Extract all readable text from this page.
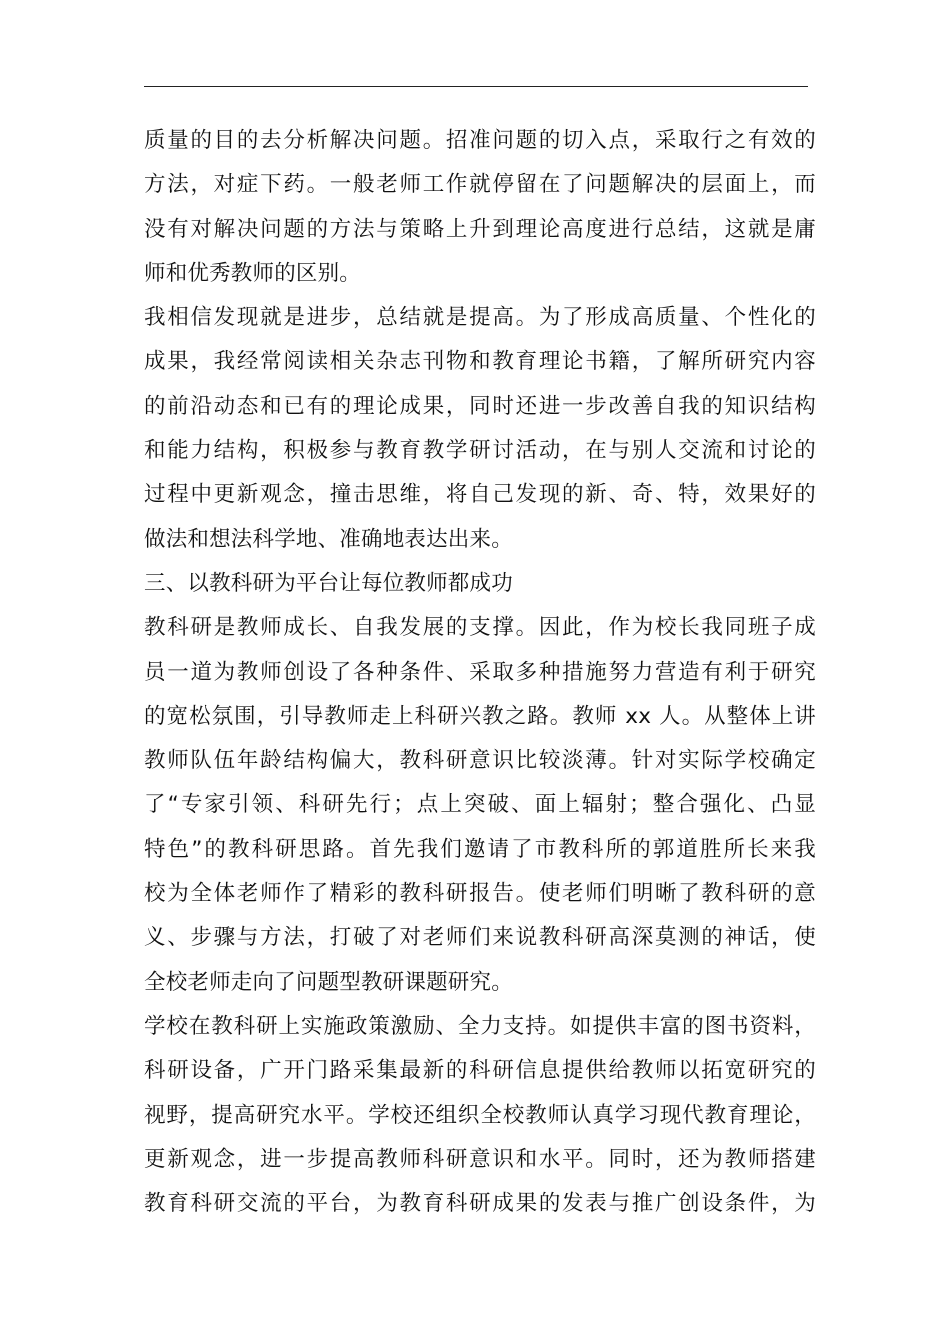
质量的目的去分析解决问题。招准问题的切入点，采取行之有效的
方法，对症下药。一般老师工作就停留在了问题解决的层面上，而
没有对解决问题的方法与策略上升到理论高度进行总结，这就是庸
师和优秀教师的区别。
我相信发现就是进步，总结就是提高。为了形成高质量、个性化的
成果，我经常阅读相关杂志刊物和教育理论书籍，了解所研究内容
的前沿动态和已有的理论成果，同时还进一步改善自我的知识结构
和能力结构，积极参与教育教学研讨活动，在与别人交流和讨论的
过程中更新观念，撞击思维，将自己发现的新、奇、特，效果好的
做法和想法科学地、准确地表达出来。
三、以教科研为平台让每位教师都成功
教科研是教师成长、自我发展的支撑。因此，作为校长我同班子成
员一道为教师创设了各种条件、采取多种措施努力营造有利于研究
的宽松氛围，引导教师走上科研兴教之路。教师 xx 人。从整体上讲
教师队伍年龄结构偏大，教科研意识比较淡薄。针对实际学校确定
了“专家引领、科研先行；点上突破、面上辐射；整合强化、凸显
特色”的教科研思路。首先我们邀请了市教科所的郭道胜所长来我
校为全体老师作了精彩的教科研报告。使老师们明晰了教科研的意
义、步骤与方法，打破了对老师们来说教科研高深莫测的神话，使
全校老师走向了问题型教研课题研究。
学校在教科研上实施政策激励、全力支持。如提供丰富的图书资料，
科研设备，广开门路采集最新的科研信息提供给教师以拓宽研究的
视野，提高研究水平。学校还组织全校教师认真学习现代教育理论，
更新观念，进一步提高教师科研意识和水平。同时，还为教师搭建
教育科研交流的平台，为教育科研成果的发表与推广创设条件，为
